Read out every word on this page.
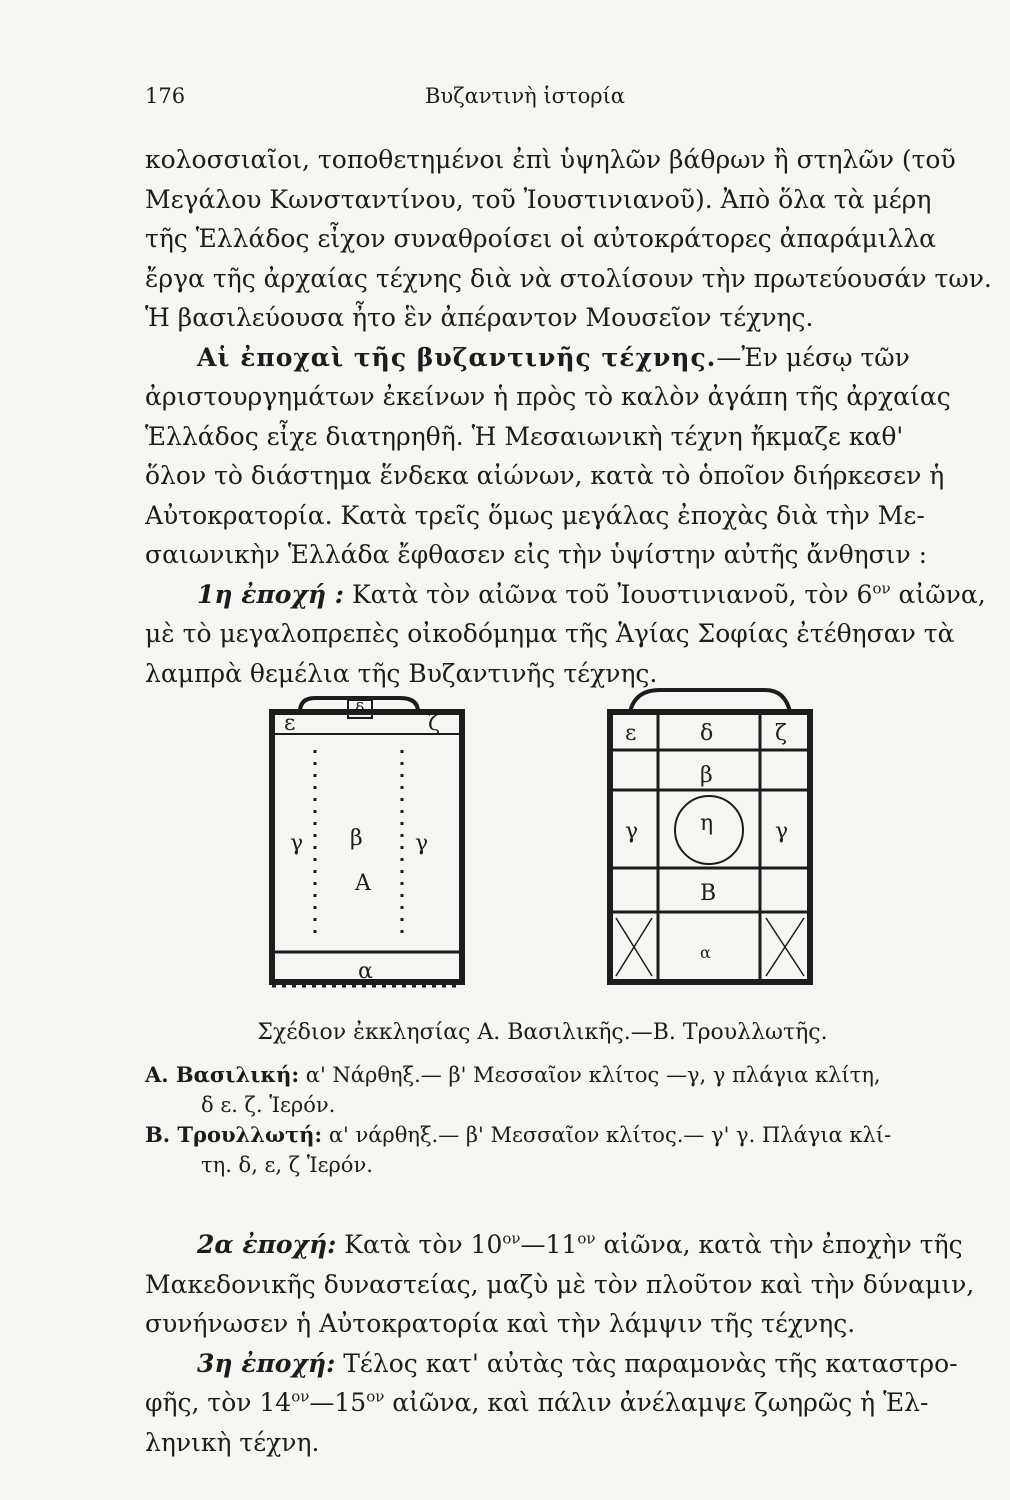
176	Βυζαντινὴ ἱστορία
κολοσσιαῖοι, τοποθετημένοι ἐπὶ ὑψηλῶν βάθρων ἢ στηλῶν (τοῦ
Μεγάλου Κωνσταντίνου, τοῦ Ἰουστινιανοῦ). Ἀπὸ ὅλα τὰ μέρη
τῆς Ἑλλάδος εἶχον συναθροίσει οἱ αὐτοκράτορες ἀπαράμιλλα
ἔργα τῆς ἀρχαίας τέχνης διὰ νὰ στολίσουν τὴν πρωτεύουσάν των.
Ἡ βασιλεύουσα ἦτο ἓν ἀπέραντον Μουσεῖον τέχνης.
Αἱ ἐποχαὶ τῆς βυζαντινῆς τέχνης.—Ἐν μέσῳ τῶν
ἀριστουργημάτων ἐκείνων ἡ πρὸς τὸ καλὸν ἀγάπη τῆς ἀρχαίας
Ἑλλάδος εἶχε διατηρηθῆ. Ἡ Μεσαιωνικὴ τέχνη ἤκμαζε καθ'
ὅλον τὸ διάστημα ἕνδεκα αἰώνων, κατὰ τὸ ὁποῖον διήρκεσεν ἡ
Αὐτοκρατορία. Κατὰ τρεῖς ὅμως μεγάλας ἐποχὰς διὰ τὴν Με-
σαιωνικὴν Ἑλλάδα ἔφθασεν εἰς τὴν ὑψίστην αὐτῆς ἄνθησιν :
1η ἐποχή : Κατὰ τὸν αἰῶνα τοῦ Ἰουστινιανοῦ, τὸν $6^{o\nu}$ αἰῶνα,
μὲ τὸ μεγαλοπρεπὲς οἰκοδόμημα τῆς Ἁγίας Σοφίας ἐτέθησαν τὰ
λαμπρὰ θεμέλια τῆς Βυζαντινῆς τέχνης.
ε
δ
ζ
γ β γ
Α
α
ε	δ	ζ
β
γ	η	γ
Β
α
Σχέδιον ἐκκλησίας Α. Βασιλικῆς.—Β. Τρουλλωτῆς.
Α. Βασιλική: α' Νάρθηξ.— β' Μεσσαῖον κλίτος —γ, γ πλάγια κλίτη,
δ ε. ζ. Ἱερόν.
Β. Τρουλλωτή: α' νάρθηξ.— β' Μεσσαῖον κλίτος.— γ' γ. Πλάγια κλί-
τη. δ, ε, ζ Ἱερόν.
2α ἐποχή: Κατὰ τὸν $10^{o\nu}—11^{o\nu}$ αἰῶνα, κατὰ τὴν ἐποχὴν τῆς
Μακεδονικῆς δυναστείας, μαζὺ μὲ τὸν πλοῦτον καὶ τὴν δύναμιν,
συνήνωσεν ἡ Αὐτοκρατορία καὶ τὴν λάμψιν τῆς τέχνης.
3η ἐποχή: Τέλος κατ' αὐτὰς τὰς παραμονὰς τῆς καταστρο-
φῆς, τὸν $14^{o\nu}—15^{o\nu}$ αἰῶνα, καὶ πάλιν ἀνέλαμψε ζωηρῶς ἡ Ἑλ-
ληνικὴ τέχνη.
